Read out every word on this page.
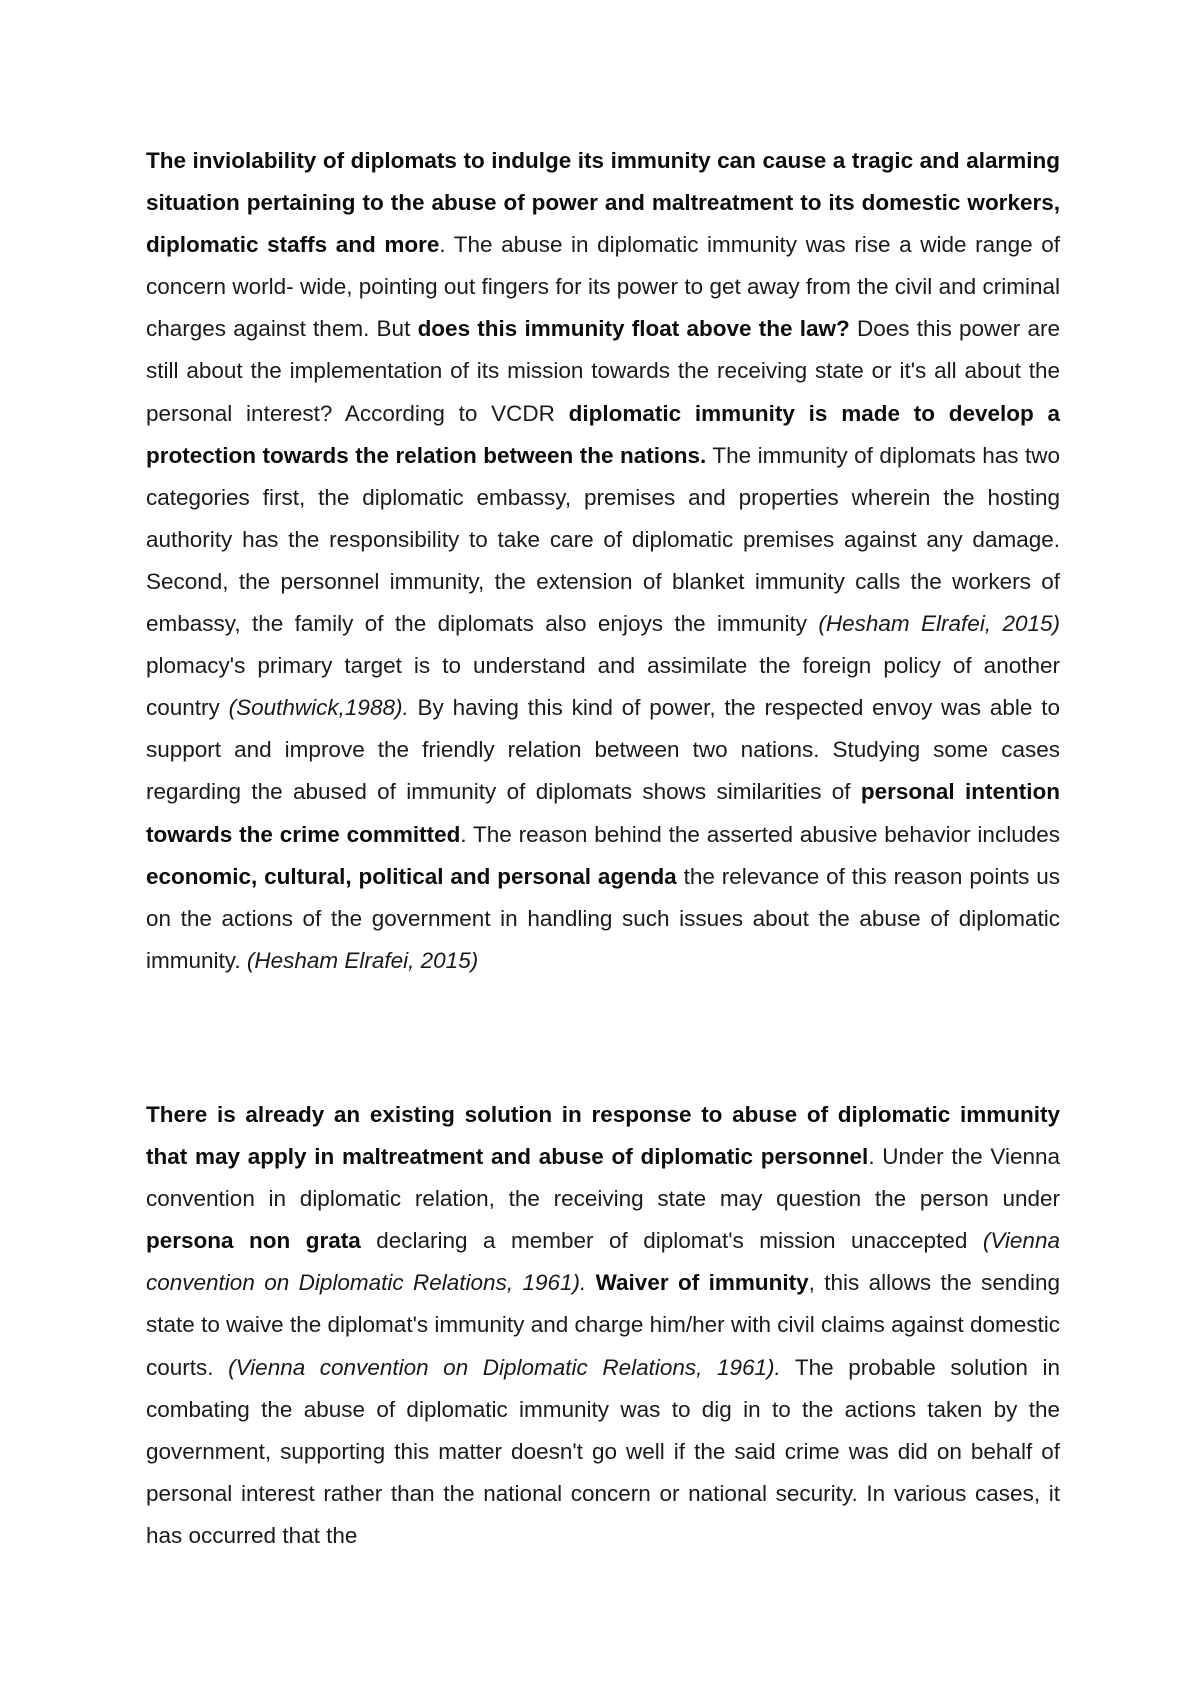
The inviolability of diplomats to indulge its immunity can cause a tragic and alarming situation pertaining to the abuse of power and maltreatment to its domestic workers, diplomatic staffs and more. The abuse in diplomatic immunity was rise a wide range of concern world- wide, pointing out fingers for its power to get away from the civil and criminal charges against them. But does this immunity float above the law? Does this power are still about the implementation of its mission towards the receiving state or it's all about the personal interest? According to VCDR diplomatic immunity is made to develop a protection towards the relation between the nations. The immunity of diplomats has two categories first, the diplomatic embassy, premises and properties wherein the hosting authority has the responsibility to take care of diplomatic premises against any damage. Second, the personnel immunity, the extension of blanket immunity calls the workers of embassy, the family of the diplomats also enjoys the immunity (Hesham Elrafei, 2015) plomacy's primary target is to understand and assimilate the foreign policy of another country (Southwick,1988). By having this kind of power, the respected envoy was able to support and improve the friendly relation between two nations. Studying some cases regarding the abused of immunity of diplomats shows similarities of personal intention towards the crime committed. The reason behind the asserted abusive behavior includes economic, cultural, political and personal agenda the relevance of this reason points us on the actions of the government in handling such issues about the abuse of diplomatic immunity. (Hesham Elrafei, 2015)

There is already an existing solution in response to abuse of diplomatic immunity that may apply in maltreatment and abuse of diplomatic personnel. Under the Vienna convention in diplomatic relation, the receiving state may question the person under persona non grata declaring a member of diplomat's mission unaccepted (Vienna convention on Diplomatic Relations, 1961). Waiver of immunity, this allows the sending state to waive the diplomat's immunity and charge him/her with civil claims against domestic courts. (Vienna convention on Diplomatic Relations, 1961). The probable solution in combating the abuse of diplomatic immunity was to dig in to the actions taken by the government, supporting this matter doesn't go well if the said crime was did on behalf of personal interest rather than the national concern or national security. In various cases, it has occurred that the
